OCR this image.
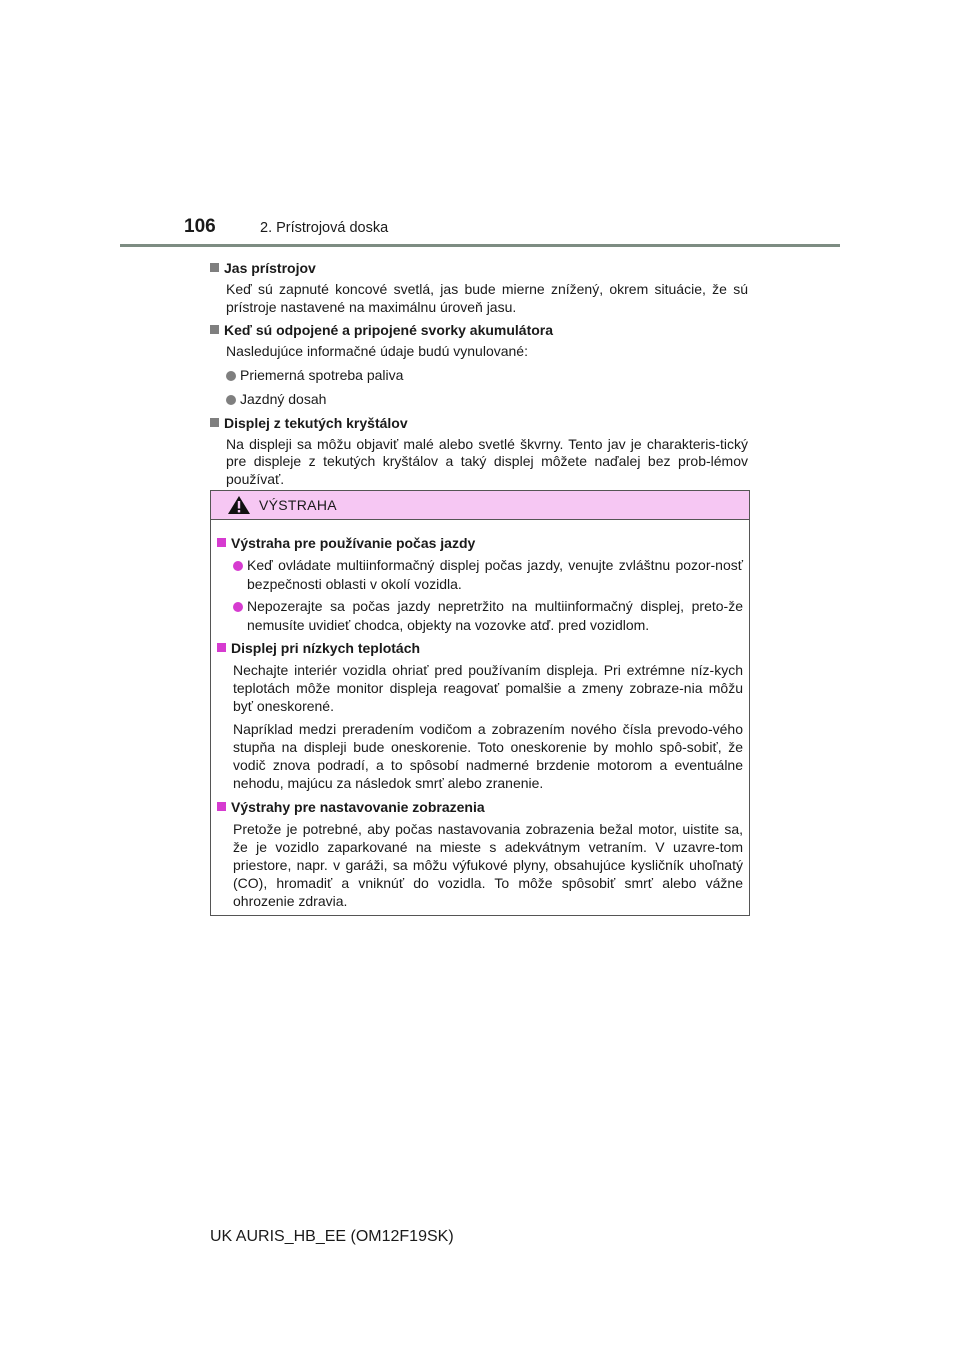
106	2. Prístrojová doska
Jas prístrojov
Keď sú zapnuté koncové svetlá, jas bude mierne znížený, okrem situácie, že sú prístroje nastavené na maximálnu úroveň jasu.
Keď sú odpojené a pripojené svorky akumulátora
Nasledujúce informačné údaje budú vynulované:
Priemerná spotreba paliva
Jazdný dosah
Displej z tekutých kryštálov
Na displeji sa môžu objaviť malé alebo svetlé škvrny. Tento jav je charakteris-tický pre displeje z tekutých kryštálov a taký displej môžete naďalej bez prob-lémov používať.
VÝSTRAHA
Výstraha pre používanie počas jazdy
Keď ovládate multiinformačný displej počas jazdy, venujte zvláštnu pozor-nosť bezpečnosti oblasti v okolí vozidla.
Nepozerajte sa počas jazdy nepretržito na multiinformačný displej, preto-že nemusíte uvidieť chodca, objekty na vozovke atď. pred vozidlom.
Displej pri nízkych teplotách
Nechajte interiér vozidla ohriať pred používaním displeja. Pri extrémne níz-kych teplotách môže monitor displeja reagovať pomalšie a zmeny zobraze-nia môžu byť oneskorené.
Napríklad medzi preradením vodičom a zobrazením nového čísla prevodo-vého stupňa na displeji bude oneskorenie. Toto oneskorenie by mohlo spô-sobiť, že vodič znova podradí, a to spôsobí nadmerné brzdenie motorom a eventuálne nehodu, majúcu za následok smrť alebo zranenie.
Výstrahy pre nastavovanie zobrazenia
Pretože je potrebné, aby počas nastavovania zobrazenia bežal motor, uistite sa, že je vozidlo zaparkované na mieste s adekvátnym vetraním. V uzavre-tom priestore, napr. v garáži, sa môžu výfukové plyny, obsahujúce kysličník uhoľnatý (CO), hromadiť a vniknúť do vozidla. To môže spôsobiť smrť alebo vážne ohrozenie zdravia.
UK AURIS_HB_EE (OM12F19SK)
